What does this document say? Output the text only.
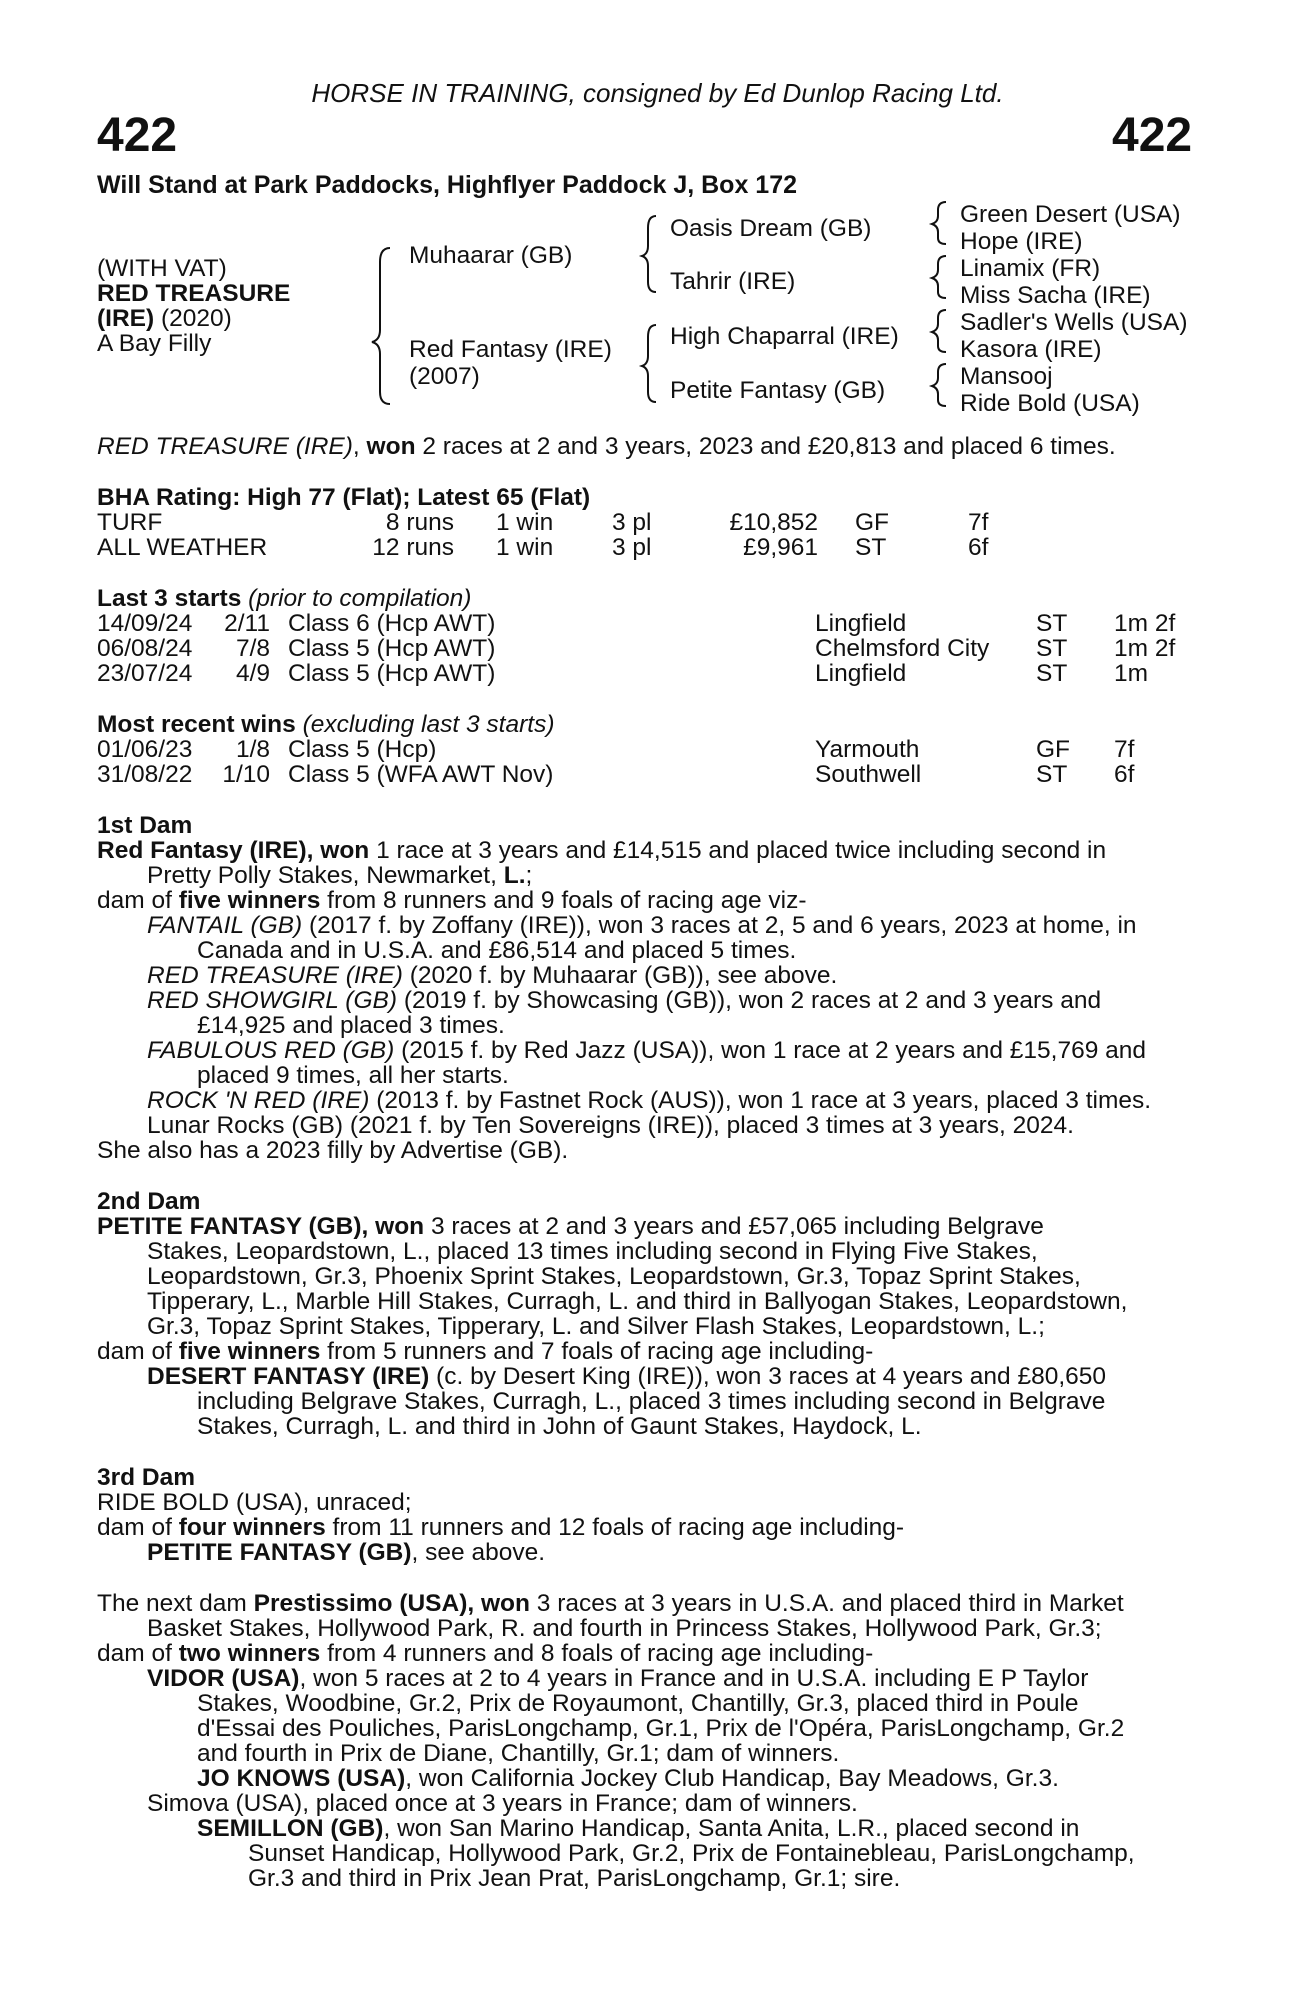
HORSE IN TRAINING, consigned by Ed Dunlop Racing Ltd.
422	422
Will Stand at Park Paddocks, Highflyer Paddock J, Box 172
(WITH VAT)
RED TREASURE
(IRE) (2020)
A Bay Filly
Muhaarar (GB)
Red Fantasy (IRE)
(2007)
Oasis Dream (GB)
Tahrir (IRE)
High Chaparral (IRE)
Petite Fantasy (GB)
Green Desert (USA)
Hope (IRE)
Linamix (FR)
Miss Sacha (IRE)
Sadler's Wells (USA)
Kasora (IRE)
Mansooj
Ride Bold (USA)
RED TREASURE (IRE), won 2 races at 2 and 3 years, 2023 and £20,813 and placed 6 times.
BHA Rating: High 77 (Flat); Latest 65 (Flat)
TURF	8 runs 1 win 3 pl	£10,852 GF	7f
ALL WEATHER	12 runs 1 win 3 pl	£9,961 ST	6f
Last 3 starts (prior to compilation)
14/09/24	2/11 Class 6 (Hcp AWT)	Lingfield	ST 1m 2f
06/08/24	7/8 Class 5 (Hcp AWT)	Chelmsford City ST 1m 2f
23/07/24	4/9 Class 5 (Hcp AWT)	Lingfield	ST 1m
Most recent wins (excluding last 3 starts)
01/06/23	1/8 Class 5 (Hcp)	Yarmouth	GF 7f
31/08/22	1/10 Class 5 (WFA AWT Nov)	Southwell	ST 6f
1st Dam
Red Fantasy (IRE), won 1 race at 3 years and £14,515 and placed twice including second in
Pretty Polly Stakes, Newmarket, L.;
dam of five winners from 8 runners and 9 foals of racing age viz-
FANTAIL (GB) (2017 f. by Zoffany (IRE)), won 3 races at 2, 5 and 6 years, 2023 at home, in
Canada and in U.S.A. and £86,514 and placed 5 times.
RED TREASURE (IRE) (2020 f. by Muhaarar (GB)), see above.
RED SHOWGIRL (GB) (2019 f. by Showcasing (GB)), won 2 races at 2 and 3 years and
£14,925 and placed 3 times.
FABULOUS RED (GB) (2015 f. by Red Jazz (USA)), won 1 race at 2 years and £15,769 and
placed 9 times, all her starts.
ROCK 'N RED (IRE) (2013 f. by Fastnet Rock (AUS)), won 1 race at 3 years, placed 3 times.
Lunar Rocks (GB) (2021 f. by Ten Sovereigns (IRE)), placed 3 times at 3 years, 2024.
She also has a 2023 filly by Advertise (GB).
2nd Dam
PETITE FANTASY (GB), won 3 races at 2 and 3 years and £57,065 including Belgrave
Stakes, Leopardstown, L., placed 13 times including second in Flying Five Stakes,
Leopardstown, Gr.3, Phoenix Sprint Stakes, Leopardstown, Gr.3, Topaz Sprint Stakes,
Tipperary, L., Marble Hill Stakes, Curragh, L. and third in Ballyogan Stakes, Leopardstown,
Gr.3, Topaz Sprint Stakes, Tipperary, L. and Silver Flash Stakes, Leopardstown, L.;
dam of five winners from 5 runners and 7 foals of racing age including-
DESERT FANTASY (IRE) (c. by Desert King (IRE)), won 3 races at 4 years and £80,650
including Belgrave Stakes, Curragh, L., placed 3 times including second in Belgrave
Stakes, Curragh, L. and third in John of Gaunt Stakes, Haydock, L.
3rd Dam
RIDE BOLD (USA), unraced;
dam of four winners from 11 runners and 12 foals of racing age including-
PETITE FANTASY (GB), see above.
The next dam Prestissimo (USA), won 3 races at 3 years in U.S.A. and placed third in Market
Basket Stakes, Hollywood Park, R. and fourth in Princess Stakes, Hollywood Park, Gr.3;
dam of two winners from 4 runners and 8 foals of racing age including-
VIDOR (USA), won 5 races at 2 to 4 years in France and in U.S.A. including E P Taylor
Stakes, Woodbine, Gr.2, Prix de Royaumont, Chantilly, Gr.3, placed third in Poule
d'Essai des Pouliches, ParisLongchamp, Gr.1, Prix de l'Opéra, ParisLongchamp, Gr.2
and fourth in Prix de Diane, Chantilly, Gr.1; dam of winners.
JO KNOWS (USA), won California Jockey Club Handicap, Bay Meadows, Gr.3.
Simova (USA), placed once at 3 years in France; dam of winners.
SEMILLON (GB), won San Marino Handicap, Santa Anita, L.R., placed second in
Sunset Handicap, Hollywood Park, Gr.2, Prix de Fontainebleau, ParisLongchamp,
Gr.3 and third in Prix Jean Prat, ParisLongchamp, Gr.1; sire.
